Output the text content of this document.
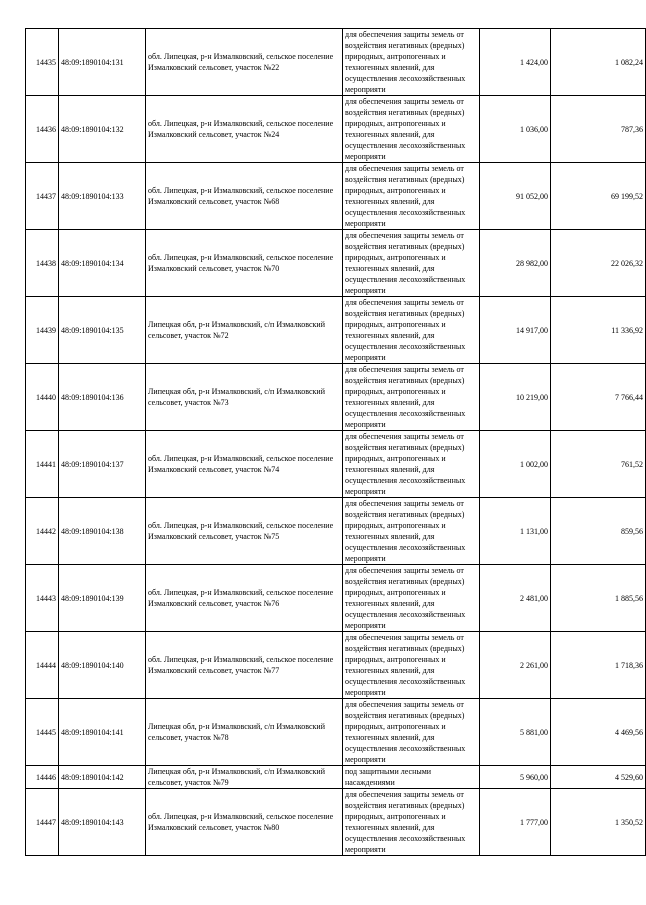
14435	48:09:1890104:131	обл. Липецкая, р-н Измалковский, сельское поселение Измалковский сельсовет, участок №22	для обеспечения защиты земель от воздействия негативных (вредных) природных, антропогенных и техногенных явлений, для осуществления лесохозяйственных мероприяти	1 424,00	1 082,24
14436	48:09:1890104:132	обл. Липецкая, р-н Измалковский, сельское поселение Измалковский сельсовет, участок №24	для обеспечения защиты земель от воздействия негативных (вредных) природных, антропогенных и техногенных явлений, для осуществления лесохозяйственных мероприяти	1 036,00	787,36
14437	48:09:1890104:133	обл. Липецкая, р-н Измалковский, сельское поселение Измалковский сельсовет, участок №68	для обеспечения защиты земель от воздействия негативных (вредных) природных, антропогенных и техногенных явлений, для осуществления лесохозяйственных мероприяти	91 052,00	69 199,52
14438	48:09:1890104:134	обл. Липецкая, р-н Измалковский, сельское поселение Измалковский сельсовет, участок №70	для обеспечения защиты земель от воздействия негативных (вредных) природных, антропогенных и техногенных явлений, для осуществления лесохозяйственных мероприяти	28 982,00	22 026,32
14439	48:09:1890104:135	Липецкая обл, р-н Измалковский, с/п Измалковский сельсовет, участок №72	для обеспечения защиты земель от воздействия негативных (вредных) природных, антропогенных и техногенных явлений, для осуществления лесохозяйственных мероприяти	14 917,00	11 336,92
14440	48:09:1890104:136	Липецкая обл, р-н Измалковский, с/п Измалковский сельсовет, участок №73	для обеспечения защиты земель от воздействия негативных (вредных) природных, антропогенных и техногенных явлений, для осуществления лесохозяйственных мероприяти	10 219,00	7 766,44
14441	48:09:1890104:137	обл. Липецкая, р-н Измалковский, сельское поселение Измалковский сельсовет, участок №74	для обеспечения защиты земель от воздействия негативных (вредных) природных, антропогенных и техногенных явлений, для осуществления лесохозяйственных мероприяти	1 002,00	761,52
14442	48:09:1890104:138	обл. Липецкая, р-н Измалковский, сельское поселение Измалковский сельсовет, участок №75	для обеспечения защиты земель от воздействия негативных (вредных) природных, антропогенных и техногенных явлений, для осуществления лесохозяйственных мероприяти	1 131,00	859,56
14443	48:09:1890104:139	обл. Липецкая, р-н Измалковский, сельское поселение Измалковский сельсовет, участок №76	для обеспечения защиты земель от воздействия негативных (вредных) природных, антропогенных и техногенных явлений, для осуществления лесохозяйственных мероприяти	2 481,00	1 885,56
14444	48:09:1890104:140	обл. Липецкая, р-н Измалковский, сельское поселение Измалковский сельсовет, участок №77	для обеспечения защиты земель от воздействия негативных (вредных) природных, антропогенных и техногенных явлений, для осуществления лесохозяйственных мероприяти	2 261,00	1 718,36
14445	48:09:1890104:141	Липецкая обл, р-н Измалковский, с/п Измалковский сельсовет, участок №78	для обеспечения защиты земель от воздействия негативных (вредных) природных, антропогенных и техногенных явлений, для осуществления лесохозяйственных мероприяти	5 881,00	4 469,56
14446	48:09:1890104:142	Липецкая обл, р-н Измалковский, с/п Измалковский сельсовет, участок №79	под защитными лесными насаждениями	5 960,00	4 529,60
14447	48:09:1890104:143	обл. Липецкая, р-н Измалковский, сельское поселение Измалковский сельсовет, участок №80	для обеспечения защиты земель от воздействия негативных (вредных) природных, антропогенных и техногенных явлений, для осуществления лесохозяйственных мероприяти	1 777,00	1 350,52
